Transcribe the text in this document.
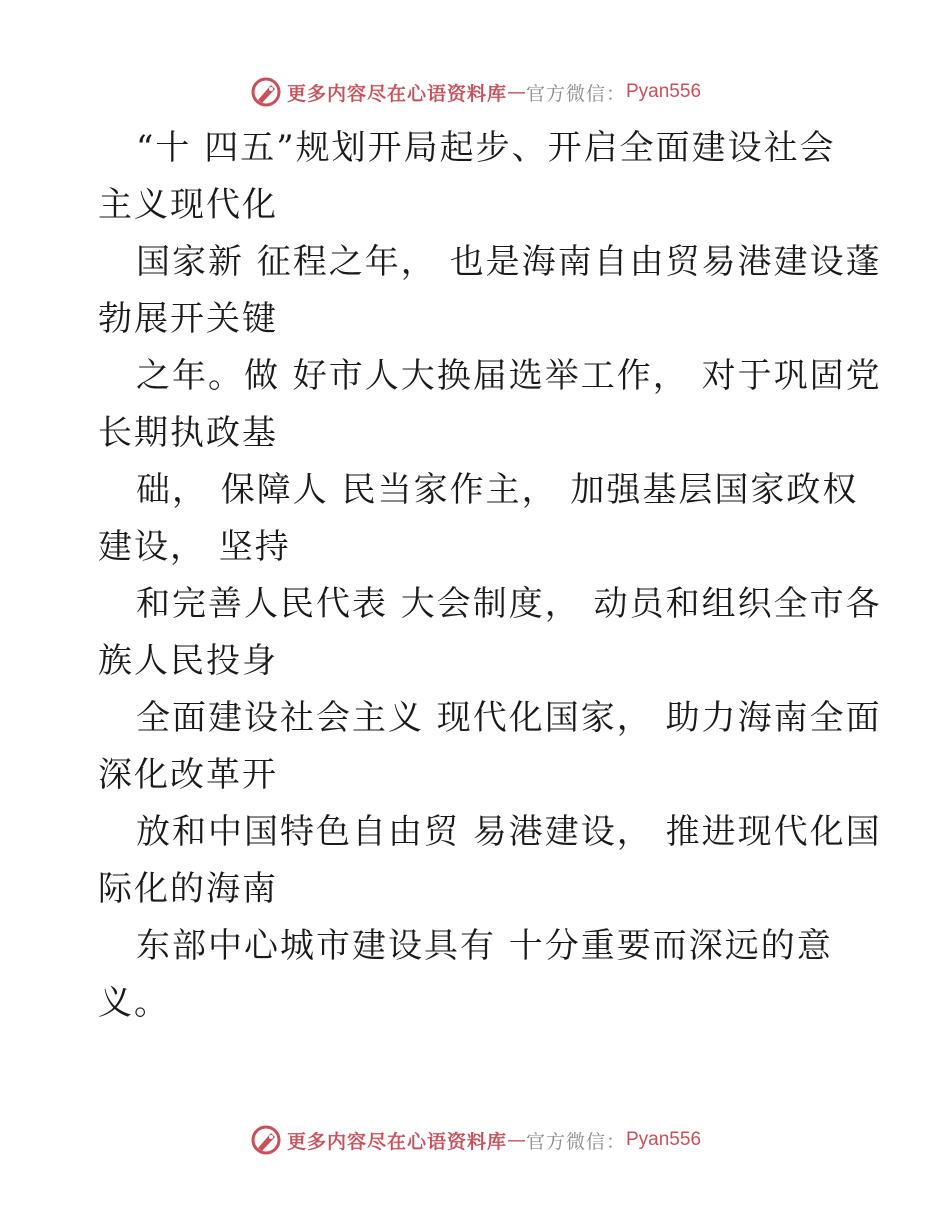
更多内容尽在心语资料库 — 官方微信： Pyan556
“十 四五”规划开局起步、开启全面建设社会
主义现代化
国家新 征程之年， 也是海南自由贸易港建设蓬
勃展开关键
之年。做 好市人大换届选举工作， 对于巩固党
长期执政基
础， 保障人 民当家作主， 加强基层国家政权
建设， 坚持
和完善人民代表 大会制度， 动员和组织全市各
族人民投身
全面建设社会主义 现代化国家， 助力海南全面
深化改革开
放和中国特色自由贸 易港建设， 推进现代化国
际化的海南
东部中心城市建设具有 十分重要而深远的意
义。
更多内容尽在心语资料库 — 官方微信： Pyan556
